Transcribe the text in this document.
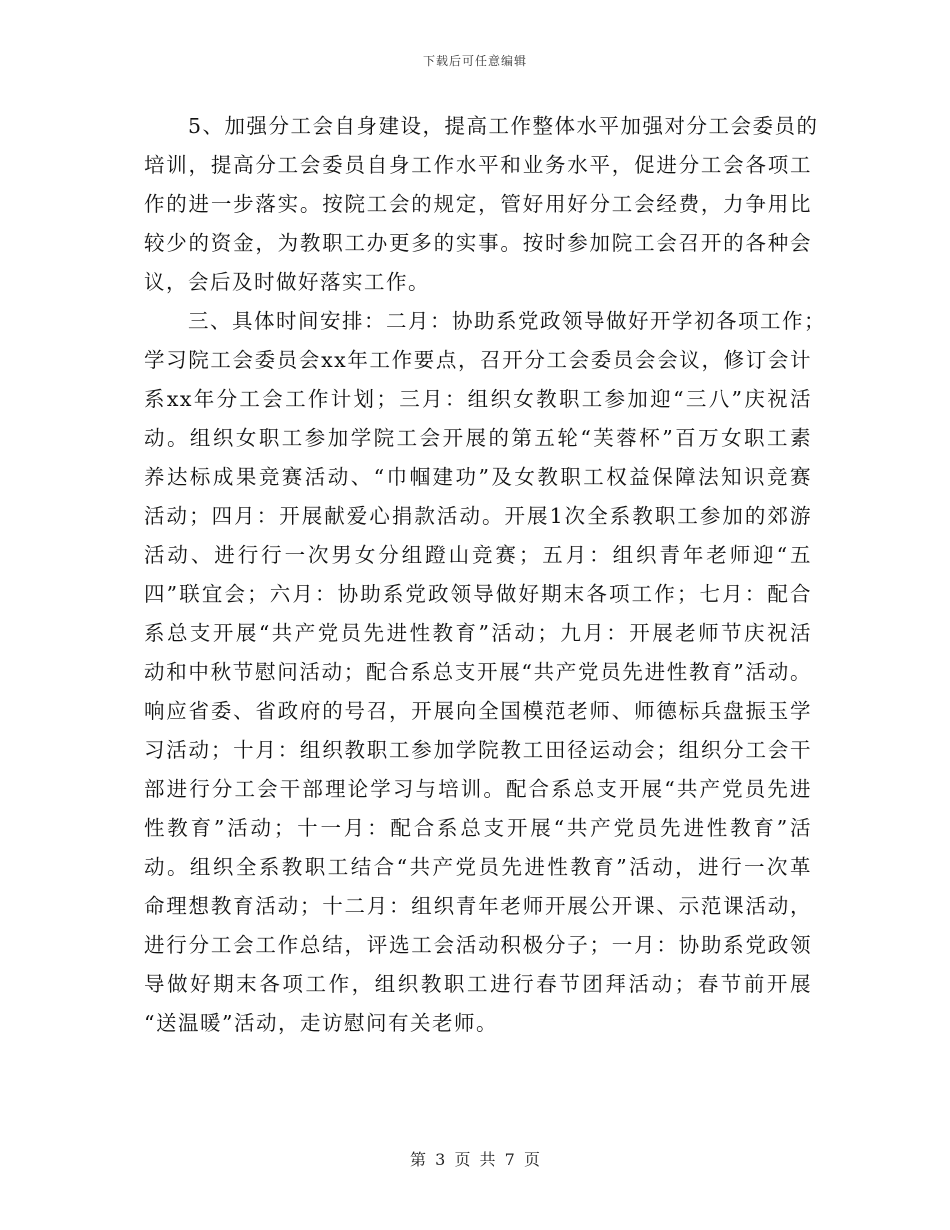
下载后可任意编辑
5、加强分工会自身建设，提高工作整体水平加强对分工会委员的
培训，提高分工会委员自身工作水平和业务水平，促进分工会各项工
作的进一步落实。按院工会的规定，管好用好分工会经费，力争用比
较少的资金，为教职工办更多的实事。按时参加院工会召开的各种会
议，会后及时做好落实工作。
三、具体时间安排：二月：协助系党政领导做好开学初各项工作；
学习院工会委员会xx年工作要点，召开分工会委员会会议，修订会计
系xx年分工会工作计划；三月：组织女教职工参加迎“三八”庆祝活
动。组织女职工参加学院工会开展的第五轮“芙蓉杯”百万女职工素
养达标成果竞赛活动、“巾帼建功”及女教职工权益保障法知识竞赛
活动；四月：开展献爱心捐款活动。开展1次全系教职工参加的郊游
活动、进行行一次男女分组蹬山竞赛；五月：组织青年老师迎“五
四”联宜会；六月：协助系党政领导做好期末各项工作；七月：配合
系总支开展“共产党员先进性教育”活动；九月：开展老师节庆祝活
动和中秋节慰问活动；配合系总支开展“共产党员先进性教育”活动。
响应省委、省政府的号召，开展向全国模范老师、师德标兵盘振玉学
习活动；十月：组织教职工参加学院教工田径运动会；组织分工会干
部进行分工会干部理论学习与培训。配合系总支开展“共产党员先进
性教育”活动；十一月：配合系总支开展“共产党员先进性教育”活
动。组织全系教职工结合“共产党员先进性教育”活动，进行一次革
命理想教育活动；十二月：组织青年老师开展公开课、示范课活动，
进行分工会工作总结，评选工会活动积极分子；一月：协助系党政领
导做好期末各项工作，组织教职工进行春节团拜活动；春节前开展
“送温暖”活动，走访慰问有关老师。
第 3 页 共 7 页
